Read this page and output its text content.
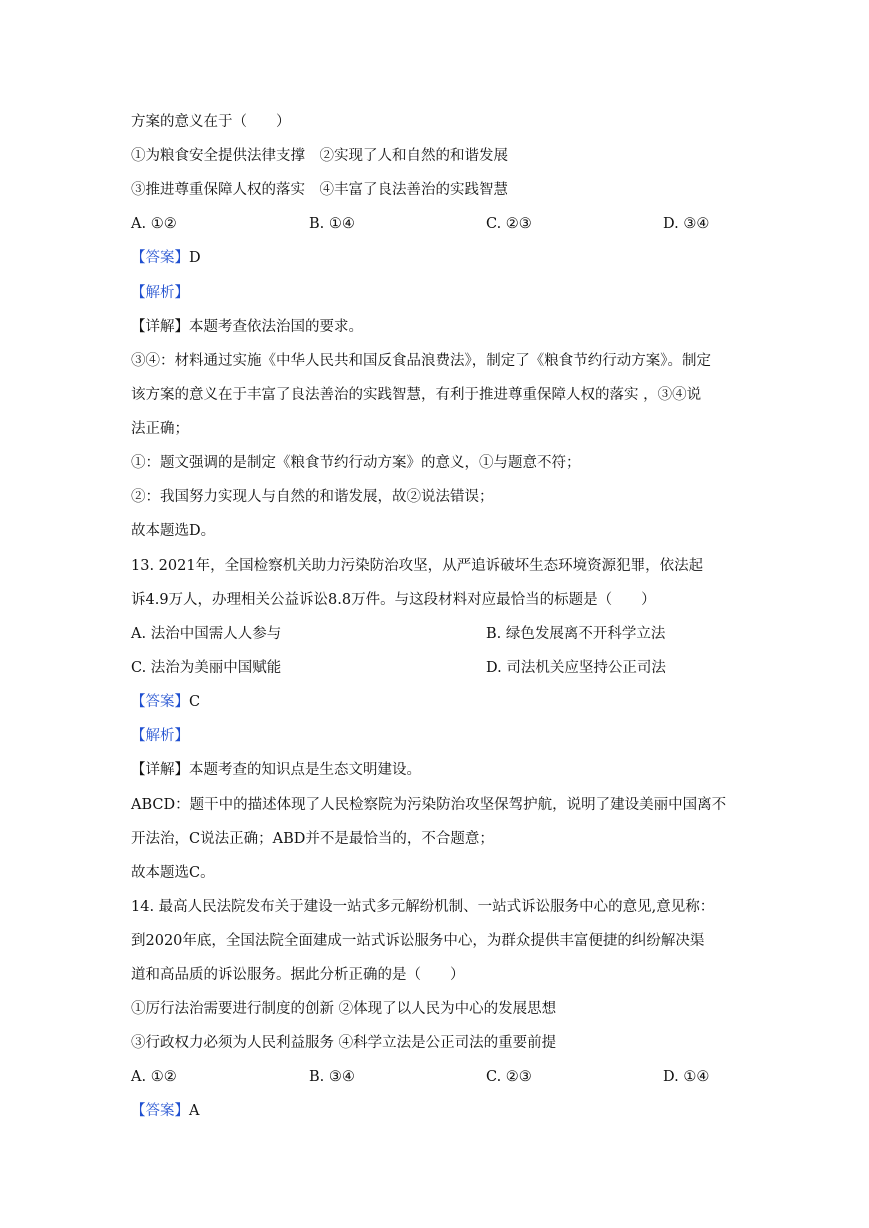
方案的意义在于（　　）
①为粮食安全提供法律支撑　②实现了人和自然的和谐发展
③推进尊重保障人权的落实　④丰富了良法善治的实践智慧
A. ①②	B. ①④	C. ②③	D. ③④
【答案】D
【解析】
【详解】本题考查依法治国的要求。
③④：材料通过实施《中华人民共和国反食品浪费法》，制定了《粮食节约行动方案》。制定
该方案的意义在于丰富了良法善治的实践智慧，有利于推进尊重保障人权的落实 ，③④说
法正确；
①：题文强调的是制定《粮食节约行动方案》的意义，①与题意不符；
②：我国努力实现人与自然的和谐发展，故②说法错误；
故本题选D。
13. 2021年，全国检察机关助力污染防治攻坚，从严追诉破坏生态环境资源犯罪，依法起
诉4.9万人，办理相关公益诉讼8.8万件。与这段材料对应最恰当的标题是（　　）
A. 法治中国需人人参与	B. 绿色发展离不开科学立法
C. 法治为美丽中国赋能	D. 司法机关应坚持公正司法
【答案】C
【解析】
【详解】本题考查的知识点是生态文明建设。
ABCD：题干中的描述体现了人民检察院为污染防治攻坚保驾护航，说明了建设美丽中国离不
开法治，C说法正确；ABD并不是最恰当的，不合题意；
故本题选C。
14. 最高人民法院发布关于建设一站式多元解纷机制、一站式诉讼服务中心的意见,意见称：
到2020年底，全国法院全面建成一站式诉讼服务中心，为群众提供丰富便捷的纠纷解决渠
道和高品质的诉讼服务。据此分析正确的是（　　）
①厉行法治需要进行制度的创新 ②体现了以人民为中心的发展思想
③行政权力必须为人民利益服务 ④科学立法是公正司法的重要前提
A. ①②	B. ③④	C. ②③	D. ①④
【答案】A
